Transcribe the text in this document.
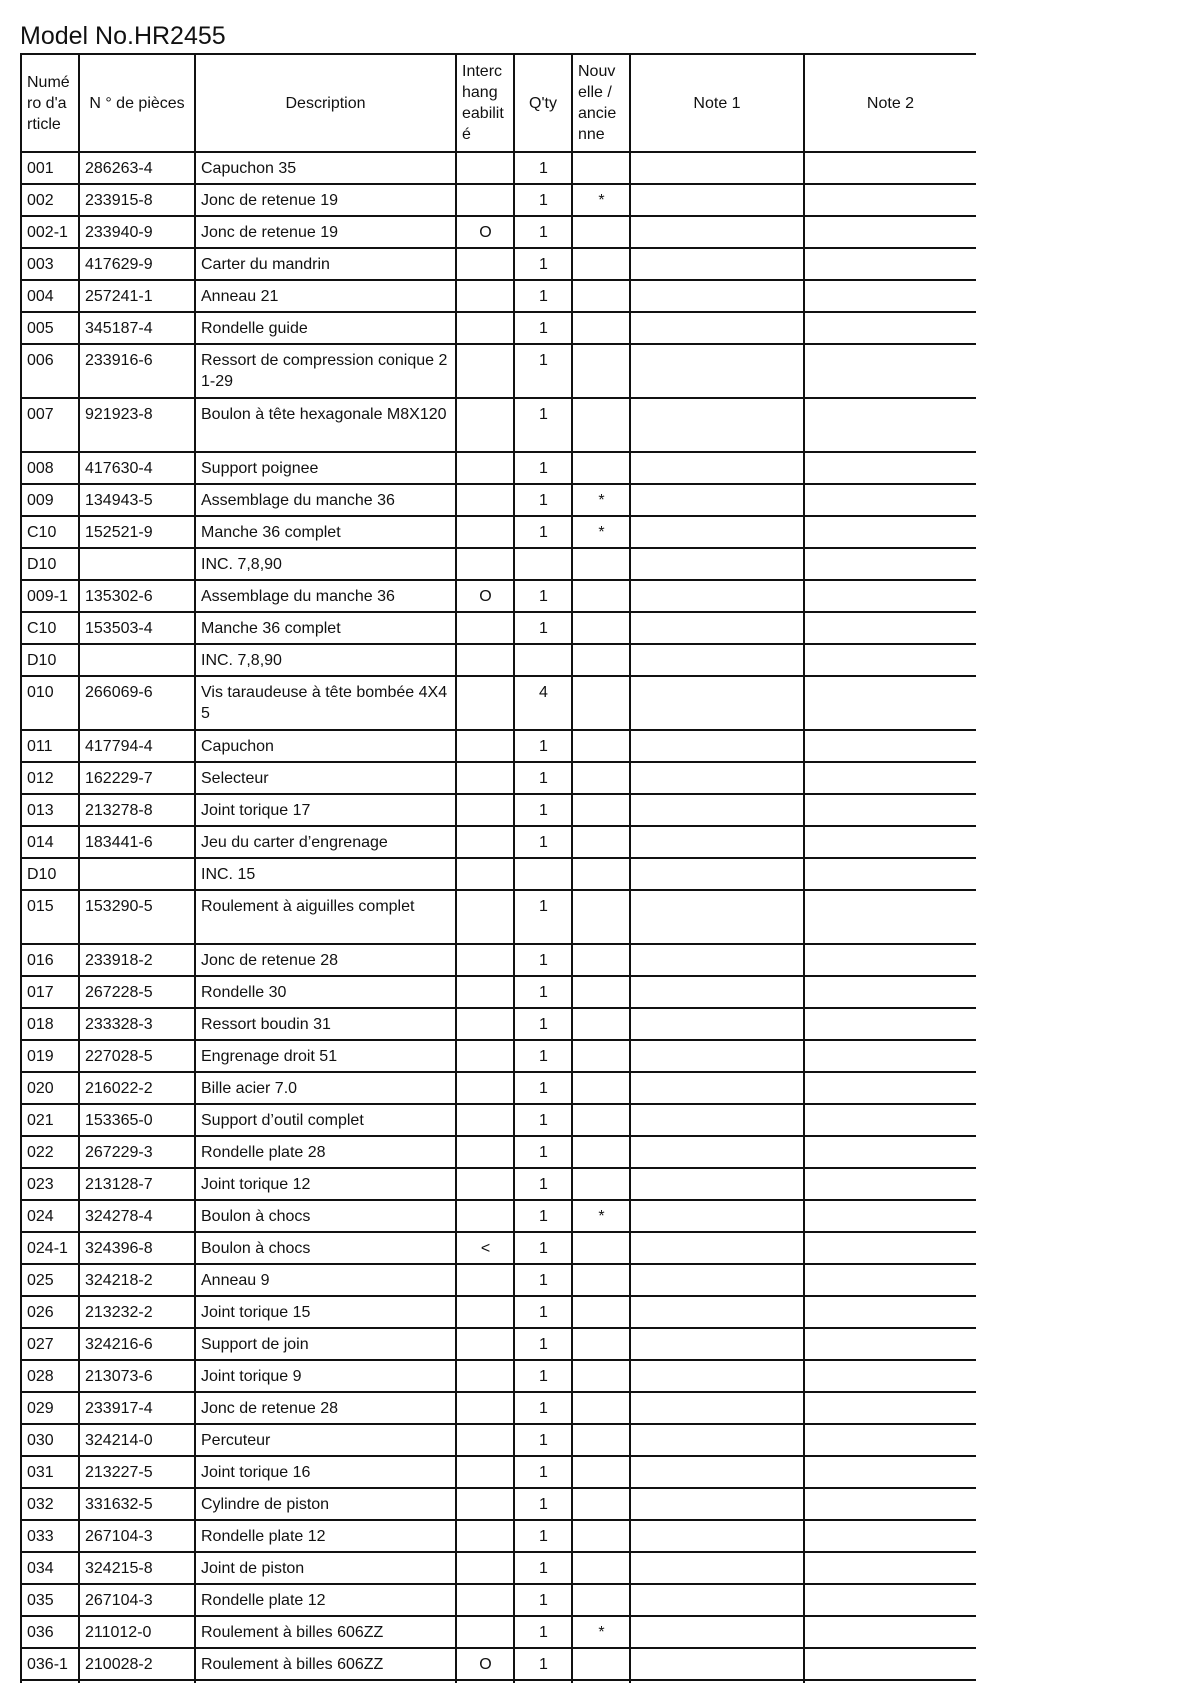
Model No.HR2455
Numé ro d'a rticle	N ° de pièces	Description	Interc hang eabilit é	Q'ty	Nouv elle / ancie nne	Note 1	Note 2
001	286263-4	Capuchon 35		1			
002	233915-8	Jonc de retenue 19		1	*		
002-1	233940-9	Jonc de retenue 19	O	1			
003	417629-9	Carter du mandrin		1			
004	257241-1	Anneau 21		1			
005	345187-4	Rondelle guide		1			
006	233916-6	Ressort de compression conique 21-29		1			
007	921923-8	Boulon à tête hexagonale M8X120		1			
008	417630-4	Support poignee		1			
009	134943-5	Assemblage du manche 36		1	*		
C10	152521-9	Manche 36 complet		1	*		
D10		INC. 7,8,90					
009-1	135302-6	Assemblage du manche 36	O	1			
C10	153503-4	Manche 36 complet		1			
D10		INC. 7,8,90					
010	266069-6	Vis taraudeuse à tête bombée 4X45		4			
011	417794-4	Capuchon		1			
012	162229-7	Selecteur		1			
013	213278-8	Joint torique 17		1			
014	183441-6	Jeu du carter d’engrenage		1			
D10		INC. 15					
015	153290-5	Roulement à aiguilles complet		1			
016	233918-2	Jonc de retenue 28		1			
017	267228-5	Rondelle 30		1			
018	233328-3	Ressort boudin 31		1			
019	227028-5	Engrenage droit 51		1			
020	216022-2	Bille acier 7.0		1			
021	153365-0	Support d’outil complet		1			
022	267229-3	Rondelle plate 28		1			
023	213128-7	Joint torique 12		1			
024	324278-4	Boulon à chocs		1	*		
024-1	324396-8	Boulon à chocs	<	1			
025	324218-2	Anneau 9		1			
026	213232-2	Joint torique 15		1			
027	324216-6	Support de join		1			
028	213073-6	Joint torique 9		1			
029	233917-4	Jonc de retenue 28		1			
030	324214-0	Percuteur		1			
031	213227-5	Joint torique 16		1			
032	331632-5	Cylindre de piston		1			
033	267104-3	Rondelle plate 12		1			
034	324215-8	Joint de piston		1			
035	267104-3	Rondelle plate 12		1			
036	211012-0	Roulement à billes 606ZZ		1	*		
036-1	210028-2	Roulement à billes 606ZZ	O	1			
